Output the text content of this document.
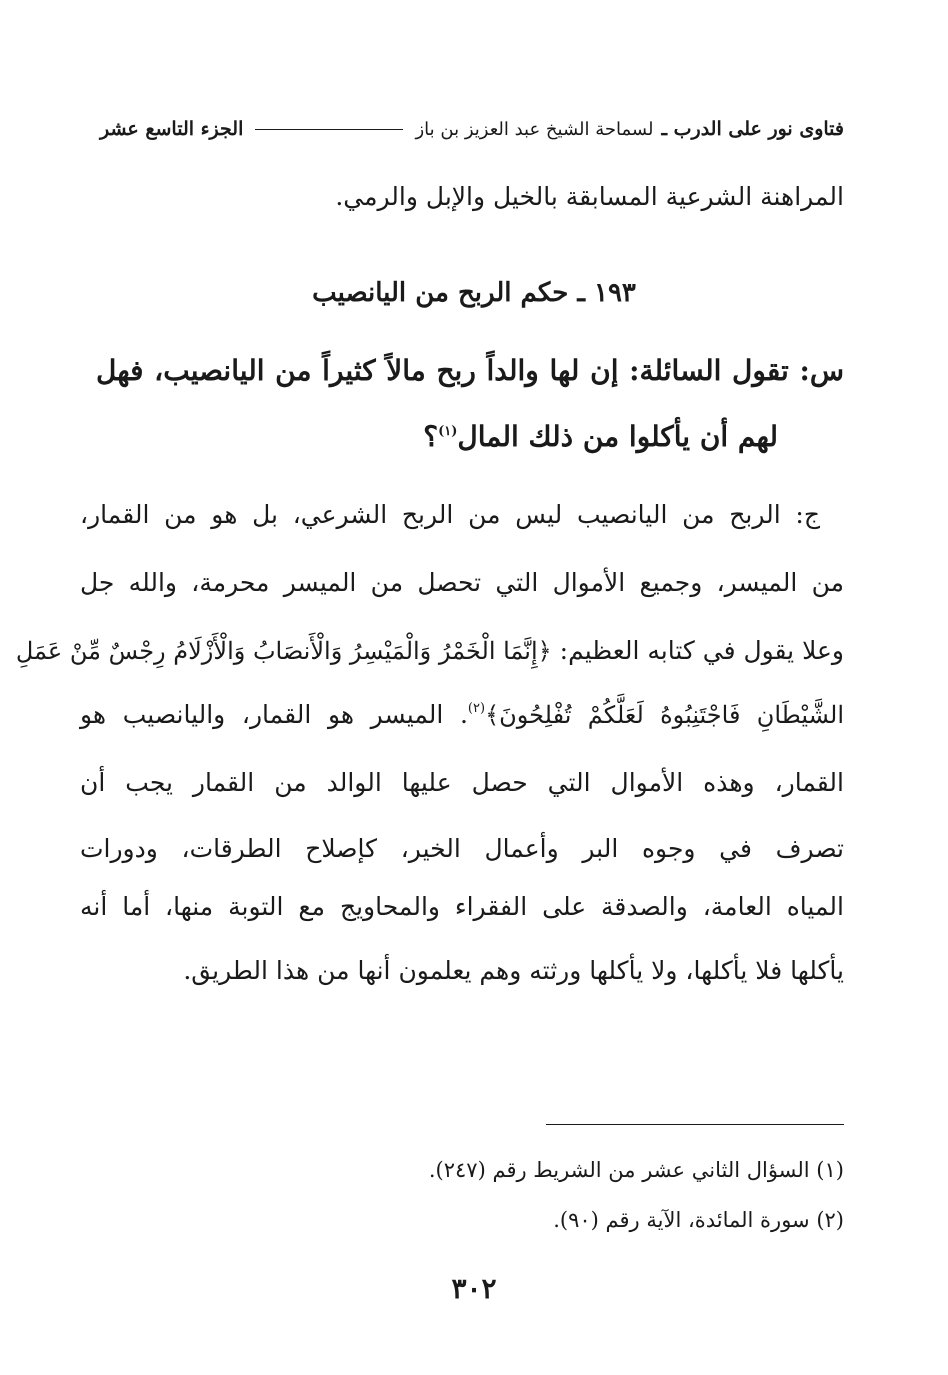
فتاوى نور على الدرب ـ
لسماحة الشيخ عبد العزيز بن باز
الجزء التاسع عشر
المراهنة الشرعية المسابقة بالخيل والإبل والرمي.
١٩٣ ـ حكم الربح من اليانصيب
س: تقول السائلة: إن لها والداً ربح مالاً كثيراً من اليانصيب، فهل
لهم أن يأكلوا من ذلك المال$^{(١)}$؟
ج: الربح من اليانصيب ليس من الربح الشرعي، بل هو من القمار،
من الميسر، وجميع الأموال التي تحصل من الميسر محرمة، والله جل
وعلا يقول في كتابه العظيم: ﴿إِنَّمَا الْخَمْرُ وَالْمَيْسِرُ وَالْأَنصَابُ وَالْأَزْلَامُ رِجْسٌ مِّنْ عَمَلِ
الشَّيْطَانِ فَاجْتَنِبُوهُ لَعَلَّكُمْ تُفْلِحُونَ﴾$^{(٢)}$. الميسر هو القمار، واليانصيب هو
القمار، وهذه الأموال التي حصل عليها الوالد من القمار يجب أن
تصرف في وجوه البر وأعمال الخير، كإصلاح الطرقات، ودورات
المياه العامة، والصدقة على الفقراء والمحاويج مع التوبة منها، أما أنه
يأكلها فلا يأكلها، ولا يأكلها ورثته وهم يعلمون أنها من هذا الطريق.
(١) السؤال الثاني عشر من الشريط رقم (٢٤٧).
(٢) سورة المائدة، الآية رقم (٩٠).
٣٠٢
